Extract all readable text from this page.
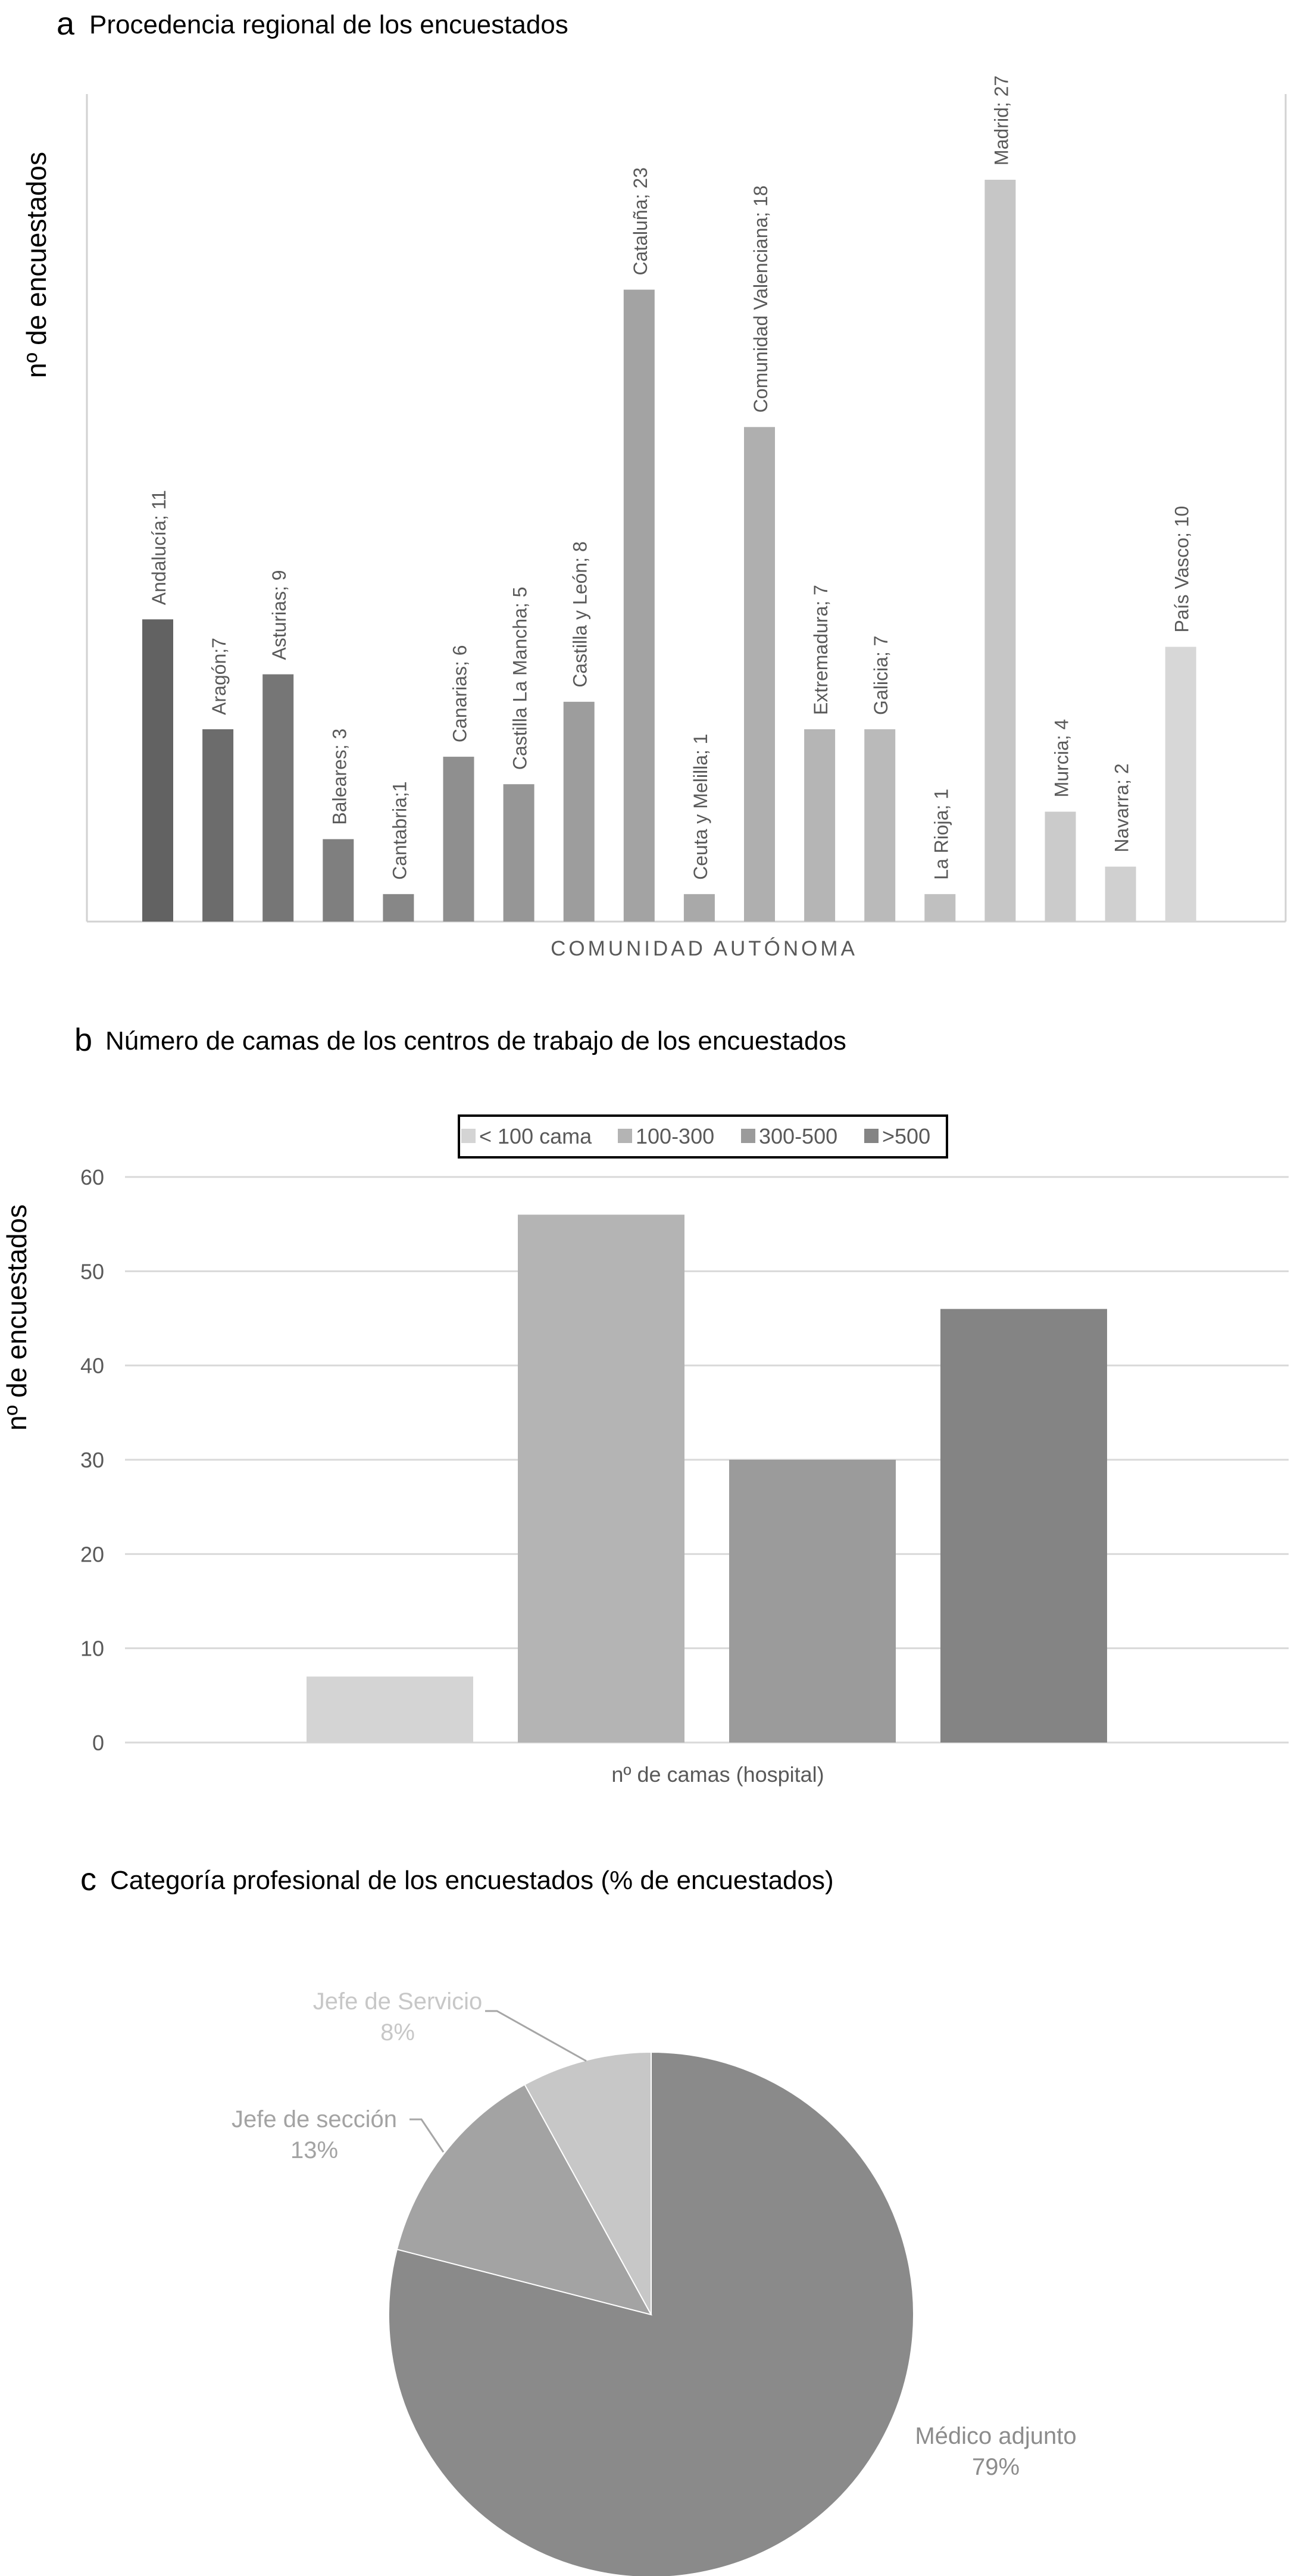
a Procedencia regional de los encuestados
nº de encuestados
Andalucía; 11
Aragón;7
Asturias; 9
Baleares; 3
Cantabria;1
Canarias; 6 Castilla La Mancha; 5 Castilla y León; 8
Cataluña; 23
Ceuta y Melilla; 1
Comunidad Valenciana; 18
Extremadura; 7 Galicia; 7
La Rioja; 1
Madrid; 27
Murcia; 4
Navarra; 2
País Vasco; 10
COMUNIDAD AUTÓNOMA
b Número de camas de los centros de trabajo de los encuestados
nº de encuestados
< 100 cama 100-300 300-500 >500
0
10
20
30
40
50
60
nº de camas (hospital)
c Categoría profesional de los encuestados (% de encuestados)
Jefe de Servicio
8%
Jefe de sección
13%
Médico adjunto
79%
